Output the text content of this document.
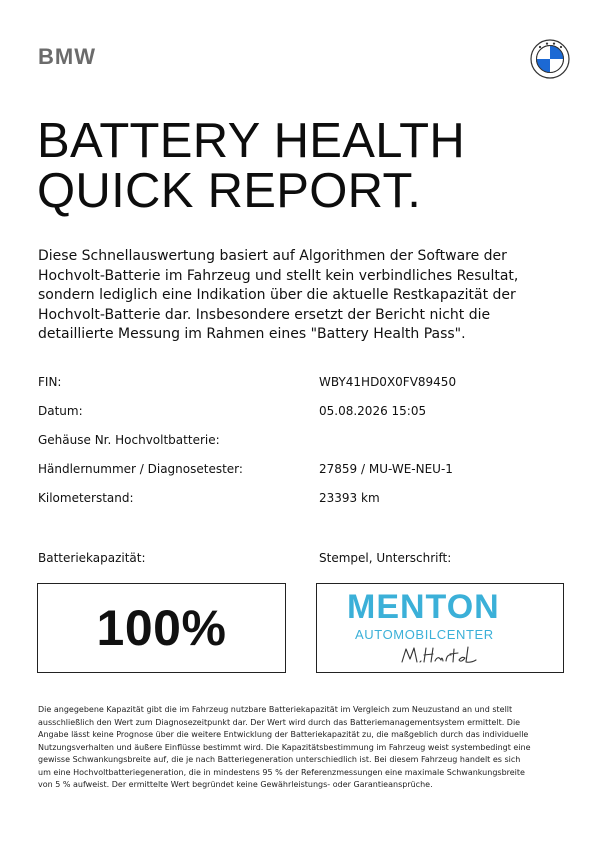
BMW
BATTERY HEALTH
QUICK REPORT.

Diese Schnellauswertung basiert auf Algorithmen der Software der
Hochvolt-Batterie im Fahrzeug und stellt kein verbindliches Resultat,
sondern lediglich eine Indikation über die aktuelle Restkapazität der
Hochvolt-Batterie dar. Insbesondere ersetzt der Bericht nicht die
detaillierte Messung im Rahmen eines "Battery Health Pass".

FIN:	WBY41HD0X0FV89450
Datum:	05.08.2026 15:05
Gehäuse Nr. Hochvoltbatterie:
Händlernummer / Diagnosetester:	27859 / MU-WE-NEU-1
Kilometerstand:	23393 km
Batteriekapazität:	Stempel, Unterschrift:
100%	MENTON
AUTOMOBILCENTER

Die angegebene Kapazität gibt die im Fahrzeug nutzbare Batteriekapazität im Vergleich zum Neuzustand an und stellt
ausschließlich den Wert zum Diagnosezeitpunkt dar. Der Wert wird durch das Batteriemanagementsystem ermittelt. Die
Angabe lässt keine Prognose über die weitere Entwicklung der Batteriekapazität zu, die maßgeblich durch das individuelle
Nutzungsverhalten und äußere Einflüsse bestimmt wird. Die Kapazitätsbestimmung im Fahrzeug weist systembedingt eine
gewisse Schwankungsbreite auf, die je nach Batteriegeneration unterschiedlich ist. Bei diesem Fahrzeug handelt es sich
um eine Hochvoltbatteriegeneration, die in mindestens 95 % der Referenzmessungen eine maximale Schwankungsbreite
von 5 % aufweist. Der ermittelte Wert begründet keine Gewährleistungs- oder Garantieansprüche.
